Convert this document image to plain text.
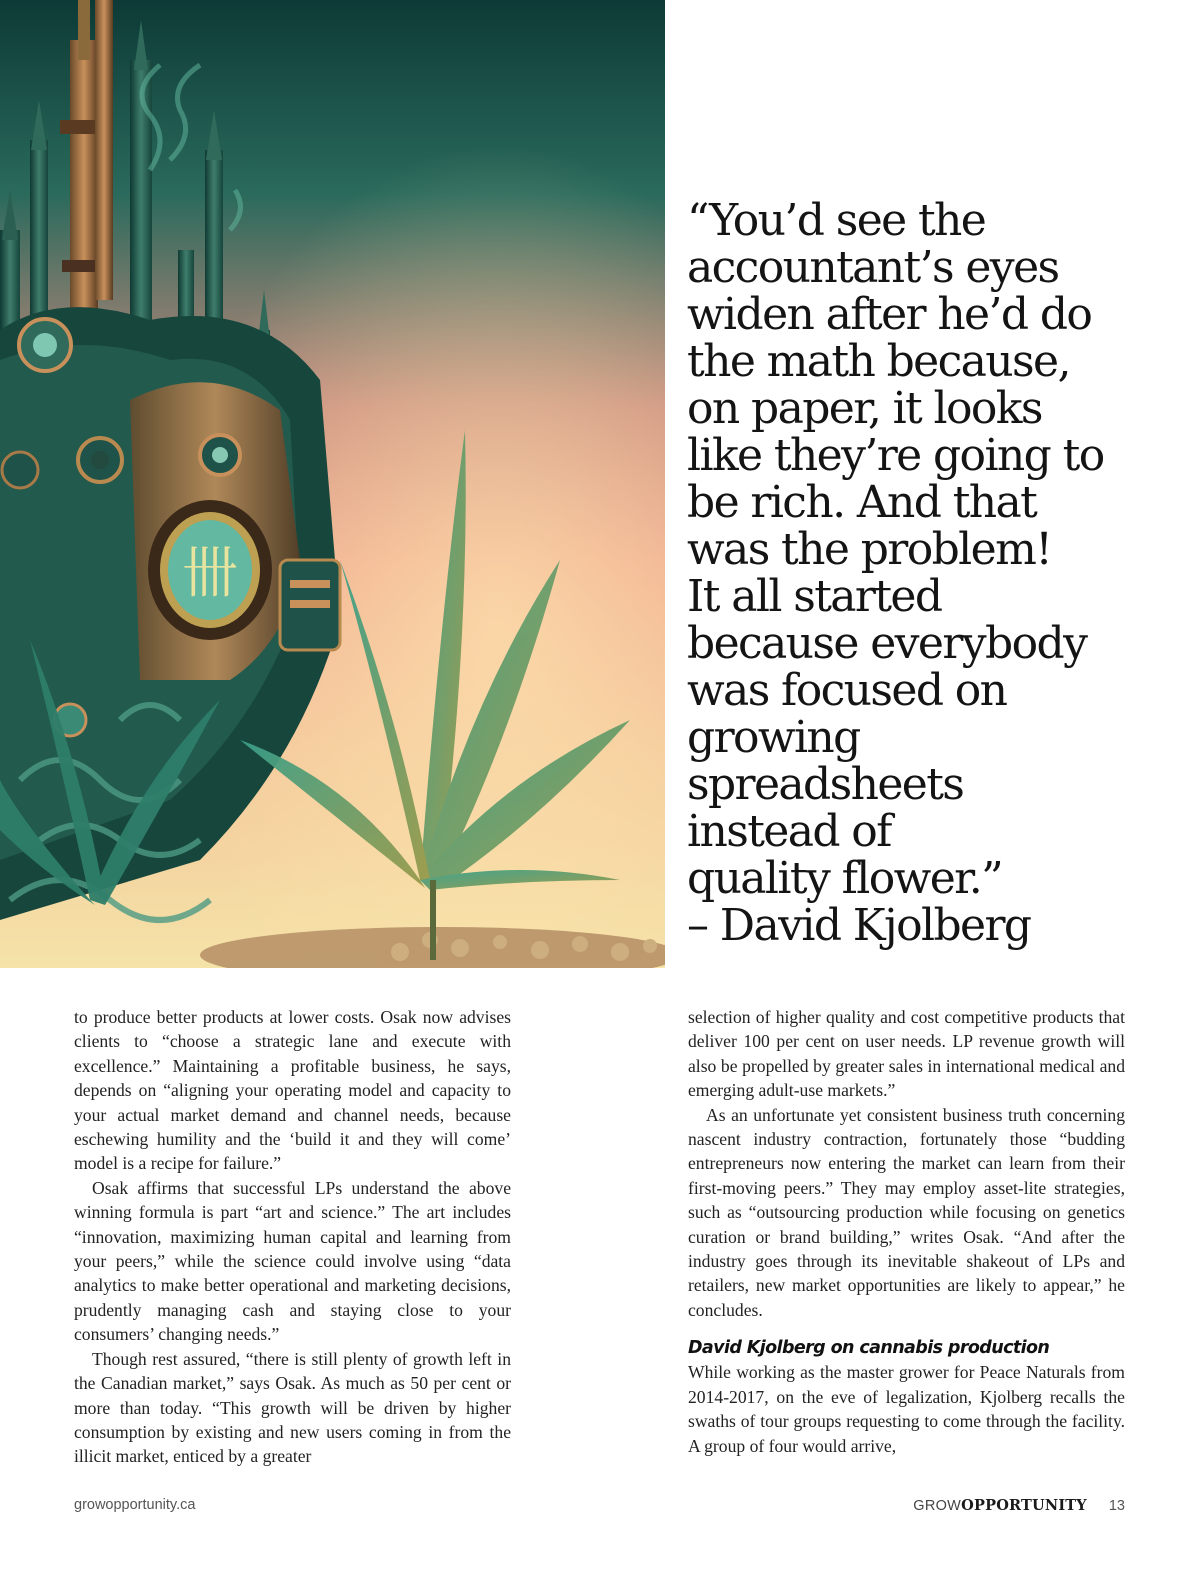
卌
“You’d see the
accountant’s eyes
widen after he’d do
the math because,
on paper, it looks
like they’re going to
be rich. And that
was the problem!
It all started
because everybody
was focused on
growing
spreadsheets
instead of
quality flower.”
– David Kjolberg

to produce better products at lower costs. Osak now advises clients to “choose a strategic lane and execute with excellence.” Maintaining a profitable business, he says, depends on “aligning your operating model and capacity to your actual market demand and channel needs, because eschewing humility and the ‘build it and they will come’ model is a recipe for failure.”

Osak affirms that successful LPs understand the above winning formula is part “art and science.” The art includes “innovation, maximizing human capital and learning from your peers,” while the science could involve using “data analytics to make better operational and marketing decisions, prudently managing cash and staying close to your consumers’ changing needs.”

Though rest assured, “there is still plenty of growth left in the Canadian market,” says Osak. As much as 50 per cent or more than today. “This growth will be driven by higher consumption by existing and new users coming in from the illicit market, enticed by a greater

selection of higher quality and cost competitive products that deliver 100 per cent on user needs. LP revenue growth will also be propelled by greater sales in international medical and emerging adult-use markets.”

As an unfortunate yet consistent business truth concerning nascent industry contraction, fortunately those “budding entrepreneurs now entering the market can learn from their first-moving peers.” They may employ asset-lite strategies, such as “outsourcing production while focusing on genetics curation or brand building,” writes Osak. “And after the industry goes through its inevitable shakeout of LPs and retailers, new market opportunities are likely to appear,” he concludes.

David Kjolberg on cannabis production

While working as the master grower for Peace Naturals from 2014-2017, on the eve of legalization, Kjolberg recalls the swaths of tour groups requesting to come through the facility. A group of four would arrive,

growopportunity.ca	GROWOPPORTUNITY 13
